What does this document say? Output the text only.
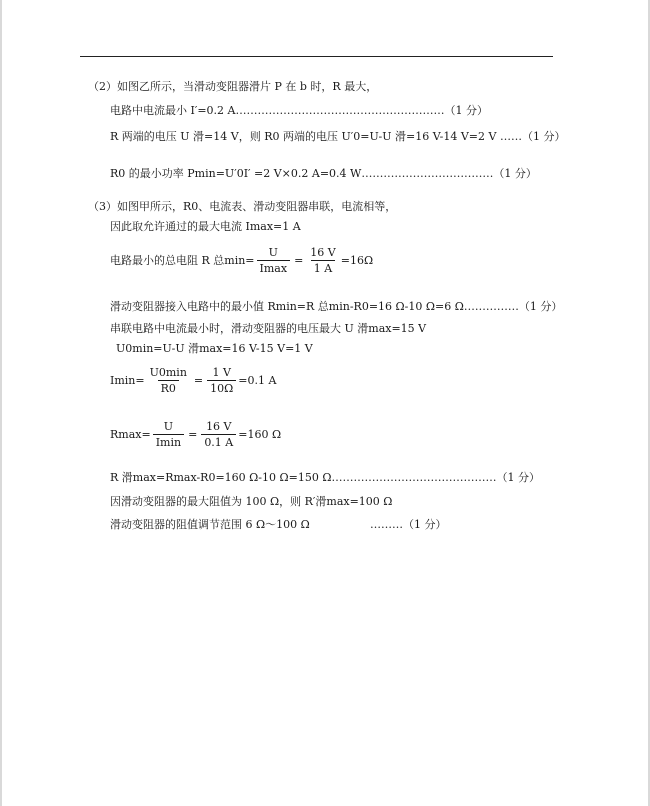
（2）如图乙所示，当滑动变阻器滑片 P 在 b 时，R 最大，
电路中电流最小 I′=0.2 A…………………………………………………（1 分）
R 两端的电压 U 滑=14 V，则 R0 两端的电压 U′0=U-U 滑=16 V-14 V=2 V ……（1 分）
R0 的最小功率 Pmin=U′0I′ =2 V×0.2 A=0.4 W………………………………（1 分）
（3）如图甲所示，R0、电流表、滑动变阻器串联，电流相等，
因此取允许通过的最大电流 Imax=1 A
电路最小的总电阻 R 总$\min= \frac{U}{Imax} = \frac{16 V}{1 A} =16\Omega$
滑动变阻器接入电路中的最小值 Rmin=R 总min-R0=16 Ω-10 Ω=6 Ω……………（1 分）
串联电路中电流最小时，滑动变阻器的电压最大 U 滑max=15 V
U0min=U-U 滑max=16 V-15 V=1 V
$Imin= \frac{U0\min}{R0} = \frac{1 V}{10\Omega} =0.1$ A
$Rmax= \frac{U}{Imin} = \frac{16 V}{0.1 A} =160$ Ω
R 滑max=Rmax-R0=160 Ω-10 Ω=150 Ω………………………………………（1 分）
因滑动变阻器的最大阻值为 100 Ω，则 R′滑max=100 Ω
滑动变阻器的阻值调节范围 6 Ω～100 Ω	………（1 分）
